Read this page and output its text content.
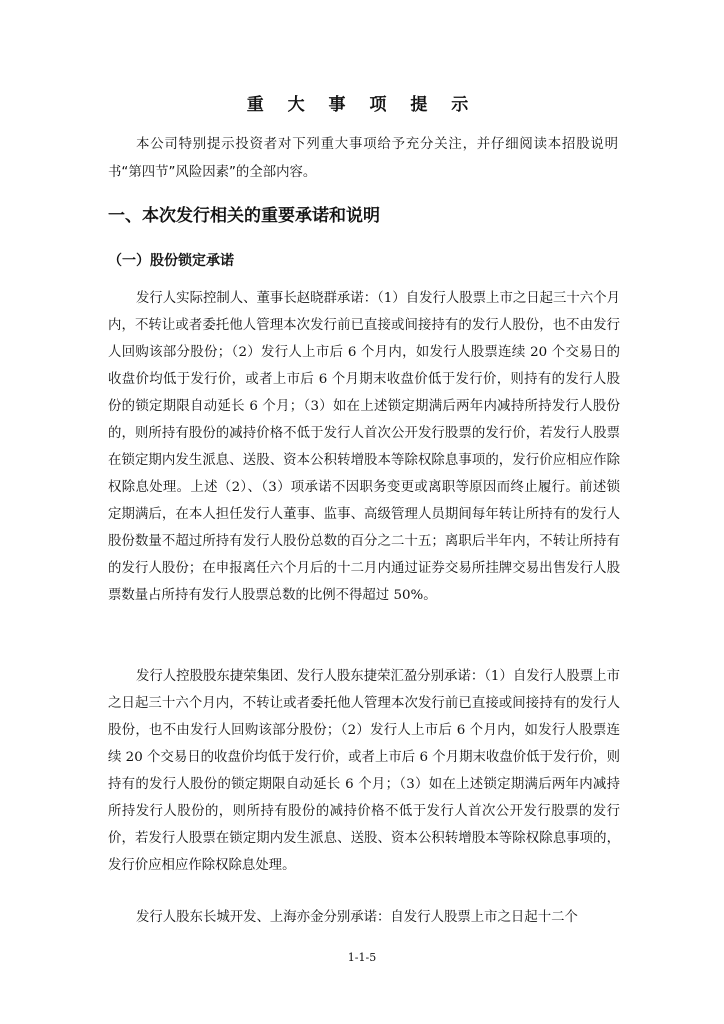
重 大 事 项 提 示
本公司特别提示投资者对下列重大事项给予充分关注，并仔细阅读本招股说明书“第四节”风险因素”的全部内容。
一、本次发行相关的重要承诺和说明
（一）股份锁定承诺
发行人实际控制人、董事长赵晓群承诺：（1）自发行人股票上市之日起三十六个月内，不转让或者委托他人管理本次发行前已直接或间接持有的发行人股份，也不由发行人回购该部分股份；（2）发行人上市后 6 个月内，如发行人股票连续 20 个交易日的收盘价均低于发行价，或者上市后 6 个月期末收盘价低于发行价，则持有的发行人股份的锁定期限自动延长 6 个月；（3）如在上述锁定期满后两年内减持所持发行人股份的，则所持有股份的减持价格不低于发行人首次公开发行股票的发行价，若发行人股票在锁定期内发生派息、送股、资本公积转增股本等除权除息事项的，发行价应相应作除权除息处理。上述（2）、（3）项承诺不因职务变更或离职等原因而终止履行。前述锁定期满后，在本人担任发行人董事、监事、高级管理人员期间每年转让所持有的发行人股份数量不超过所持有发行人股份总数的百分之二十五；离职后半年内，不转让所持有的发行人股份；在申报离任六个月后的十二月内通过证券交易所挂牌交易出售发行人股票数量占所持有发行人股票总数的比例不得超过 50%。
发行人控股股东捷荣集团、发行人股东捷荣汇盈分别承诺：（1）自发行人股票上市之日起三十六个月内，不转让或者委托他人管理本次发行前已直接或间接持有的发行人股份，也不由发行人回购该部分股份；（2）发行人上市后 6 个月内，如发行人股票连续 20 个交易日的收盘价均低于发行价，或者上市后 6 个月期末收盘价低于发行价，则持有的发行人股份的锁定期限自动延长 6 个月；（3）如在上述锁定期满后两年内减持所持发行人股份的，则所持有股份的减持价格不低于发行人首次公开发行股票的发行价，若发行人股票在锁定期内发生派息、送股、资本公积转增股本等除权除息事项的，发行价应相应作除权除息处理。
发行人股东长城开发、上海亦金分别承诺：自发行人股票上市之日起十二个
1-1-5
